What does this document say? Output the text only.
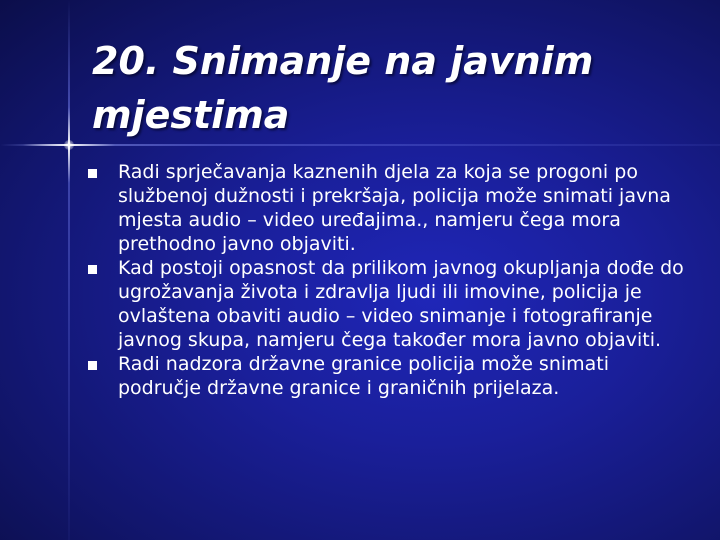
20. Snimanje na javnim mjestima
Radi sprječavanja kaznenih djela za koja se progoni po službenoj dužnosti i prekršaja, policija može snimati javna mjesta audio – video uređajima., namjeru čega mora prethodno javno objaviti.
Kad postoji opasnost da prilikom javnog okupljanja dođe do ugrožavanja života i zdravlja ljudi ili imovine, policija je ovlaštena obaviti audio – video snimanje i fotografiranje javnog skupa, namjeru čega također mora javno objaviti.
Radi nadzora državne granice policija može snimati područje državne granice i graničnih prijelaza.
